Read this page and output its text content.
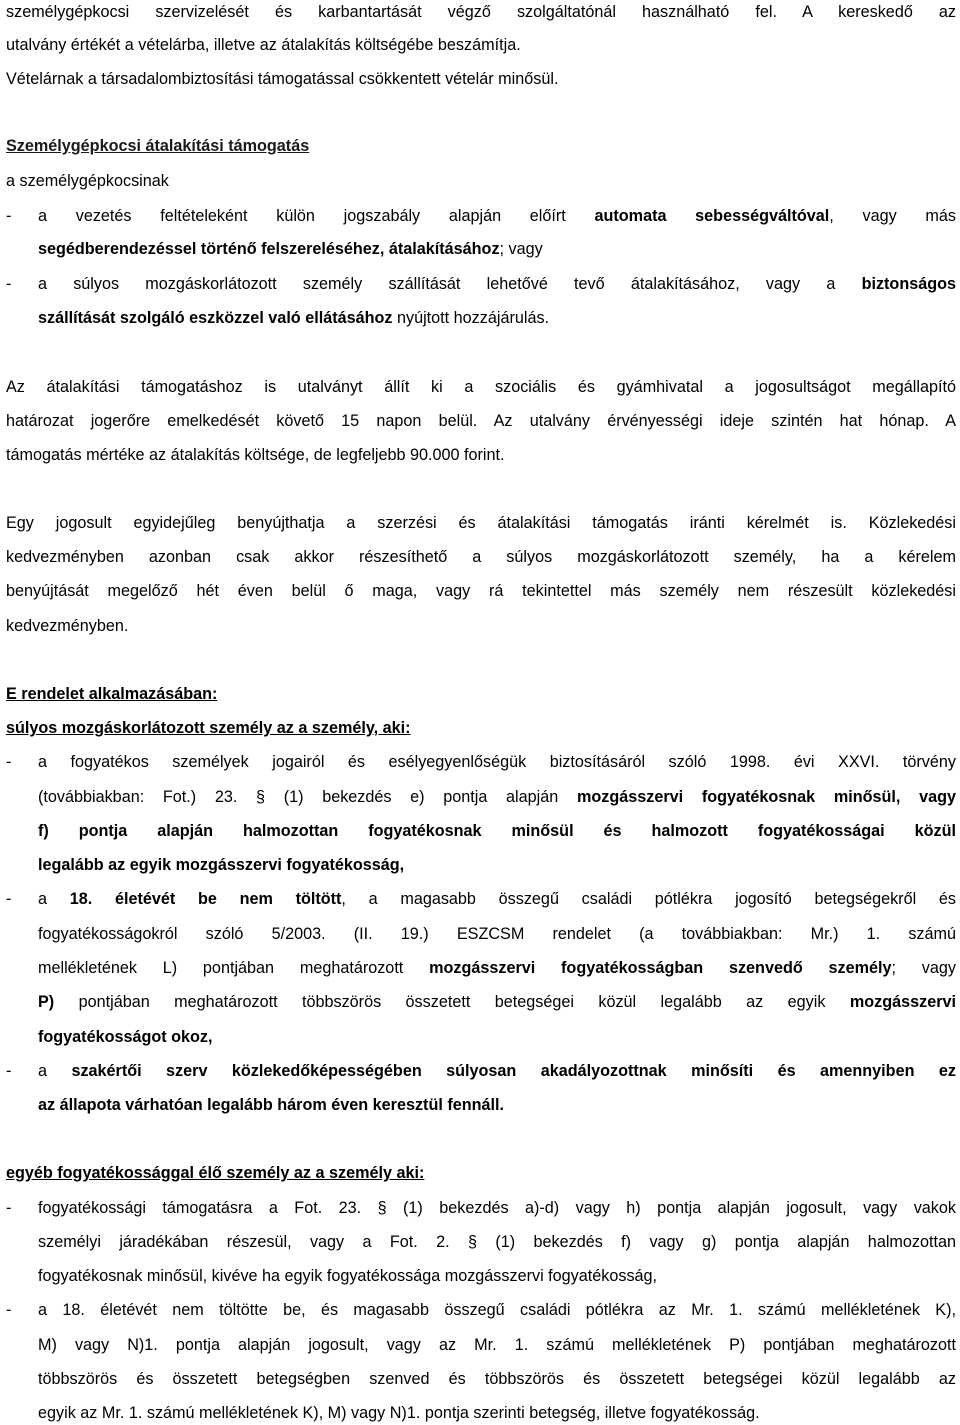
személygépkocsi szervizelését és karbantartását végző szolgáltatónál használható fel. A kereskedő az
utalvány értékét a vételárba, illetve az átalakítás költségébe beszámítja.
Vételárnak a társadalombiztosítási támogatással csökkentett vételár minősül.
Személygépkocsi átalakítási támogatás
a személygépkocsinak
- a vezetés feltételeként külön jogszabály alapján előírt automata sebességváltóval, vagy más
segédberendezéssel történő felszereléséhez, átalakításához; vagy
- a súlyos mozgáskorlátozott személy szállítását lehetővé tevő átalakításához, vagy a biztonságos
szállítását szolgáló eszközzel való ellátásához nyújtott hozzájárulás.
Az átalakítási támogatáshoz is utalványt állít ki a szociális és gyámhivatal a jogosultságot megállapító
határozat jogerőre emelkedését követő 15 napon belül. Az utalvány érvényességi ideje szintén hat hónap. A
támogatás mértéke az átalakítás költsége, de legfeljebb 90.000 forint.
Egy jogosult egyidejűleg benyújthatja a szerzési és átalakítási támogatás iránti kérelmét is. Közlekedési
kedvezményben azonban csak akkor részesíthető a súlyos mozgáskorlátozott személy, ha a kérelem
benyújtását megelőző hét éven belül ő maga, vagy rá tekintettel más személy nem részesült közlekedési
kedvezményben.
E rendelet alkalmazásában:
súlyos mozgáskorlátozott személy az a személy, aki:
- a fogyatékos személyek jogairól és esélyegyenlőségük biztosításáról szóló 1998. évi XXVI. törvény
(továbbiakban: Fot.) 23. § (1) bekezdés e) pontja alapján mozgásszervi fogyatékosnak minősül, vagy
f) pontja alapján halmozottan fogyatékosnak minősül és halmozott fogyatékosságai közül
legalább az egyik mozgásszervi fogyatékosság,
- a 18. életévét be nem töltött, a magasabb összegű családi pótlékra jogosító betegségekről és
fogyatékosságokról szóló 5/2003. (II. 19.) ESZCSM rendelet (a továbbiakban: Mr.) 1. számú
mellékletének L) pontjában meghatározott mozgásszervi fogyatékosságban szenvedő személy; vagy
P) pontjában meghatározott többszörös összetett betegségei közül legalább az egyik mozgásszervi
fogyatékosságot okoz,
- a szakértői szerv közlekedőképességében súlyosan akadályozottnak minősíti és amennyiben ez
az állapota várhatóan legalább három éven keresztül fennáll.
egyéb fogyatékossággal élő személy az a személy aki:
- fogyatékossági támogatásra a Fot. 23. § (1) bekezdés a)-d) vagy h) pontja alapján jogosult, vagy vakok
személyi járadékában részesül, vagy a Fot. 2. § (1) bekezdés f) vagy g) pontja alapján halmozottan
fogyatékosnak minősül, kivéve ha egyik fogyatékossága mozgásszervi fogyatékosság,
- a 18. életévét nem töltötte be, és magasabb összegű családi pótlékra az Mr. 1. számú mellékletének K),
M) vagy N)1. pontja alapján jogosult, vagy az Mr. 1. számú mellékletének P) pontjában meghatározott
többszörös és összetett betegségben szenved és többszörös és összetett betegségei közül legalább az
egyik az Mr. 1. számú mellékletének K), M) vagy N)1. pontja szerinti betegség, illetve fogyatékosság.
